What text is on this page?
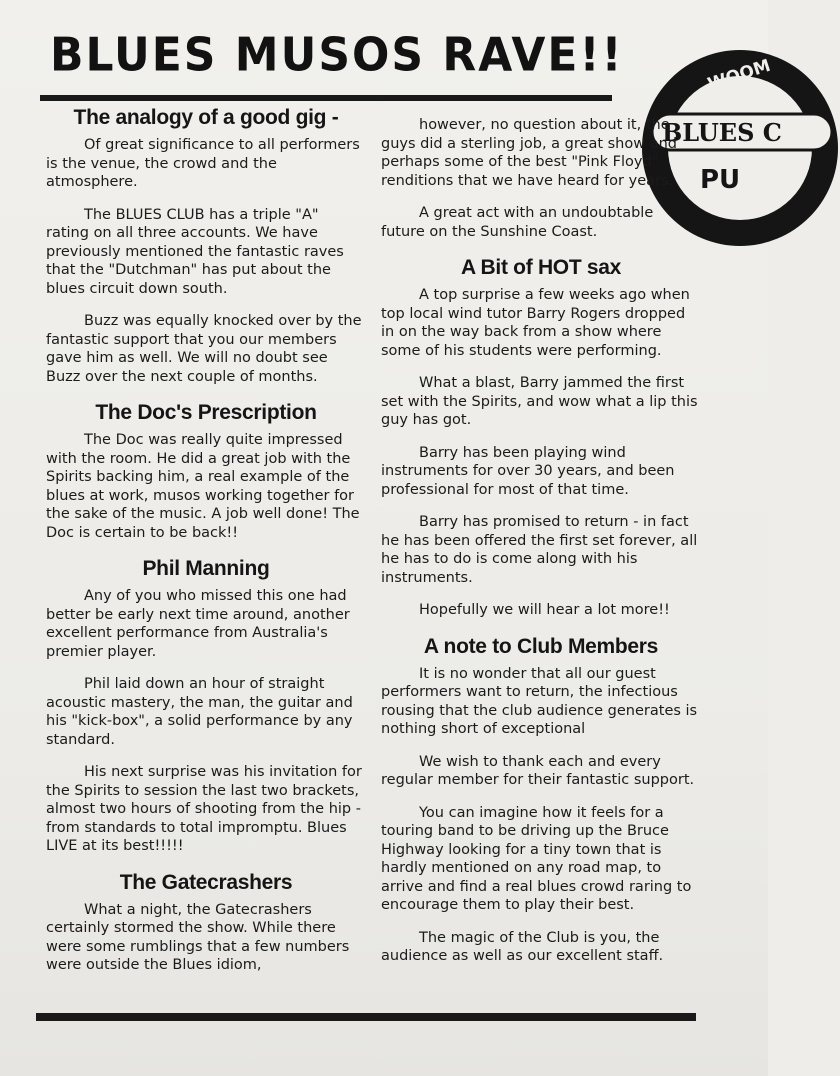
BLUES MUSOS RAVE!!	WOOM
BLUES C
PU
The analogy of a good gig -

Of great significance to all performers is the venue, the crowd and the atmosphere.

The BLUES CLUB has a triple "A" rating on all three accounts. We have previously mentioned the fantastic raves that the "Dutchman" has put about the blues circuit down south.

Buzz was equally knocked over by the fantastic support that you our members gave him as well. We will no doubt see Buzz over the next couple of months.

The Doc's Prescription

The Doc was really quite impressed with the room. He did a great job with the Spirits backing him, a real example of the blues at work, musos working together for the sake of the music. A job well done! The Doc is certain to be back!!

Phil Manning

Any of you who missed this one had better be early next time around, another excellent performance from Australia's premier player.

Phil laid down an hour of straight acoustic mastery, the man, the guitar and his "kick-box", a solid performance by any standard.

His next surprise was his invitation for the Spirits to session the last two brackets, almost two hours of shooting from the hip - from standards to total impromptu. Blues LIVE at its best!!!!!

The Gatecrashers

What a night, the Gatecrashers certainly stormed the show. While there were some rumblings that a few numbers were outside the Blues idiom,

however, no question about it, the guys did a sterling job, a great show and perhaps some of the best "Pink Floyd" renditions that we have heard for years.

A great act with an undoubtable future on the Sunshine Coast.

A Bit of HOT sax

A top surprise a few weeks ago when top local wind tutor Barry Rogers dropped in on the way back from a show where some of his students were performing.

What a blast, Barry jammed the first set with the Spirits, and wow what a lip this guy has got.

Barry has been playing wind instruments for over 30 years, and been professional for most of that time.

Barry has promised to return - in fact he has been offered the first set forever, all he has to do is come along with his instruments.

Hopefully we will hear a lot more!!

A note to Club Members

It is no wonder that all our guest performers want to return, the infectious rousing that the club audience generates is nothing short of exceptional

We wish to thank each and every regular member for their fantastic support.

You can imagine how it feels for a touring band to be driving up the Bruce Highway looking for a tiny town that is hardly mentioned on any road map, to arrive and find a real blues crowd raring to encourage them to play their best.

The magic of the Club is you, the audience as well as our excellent staff.
